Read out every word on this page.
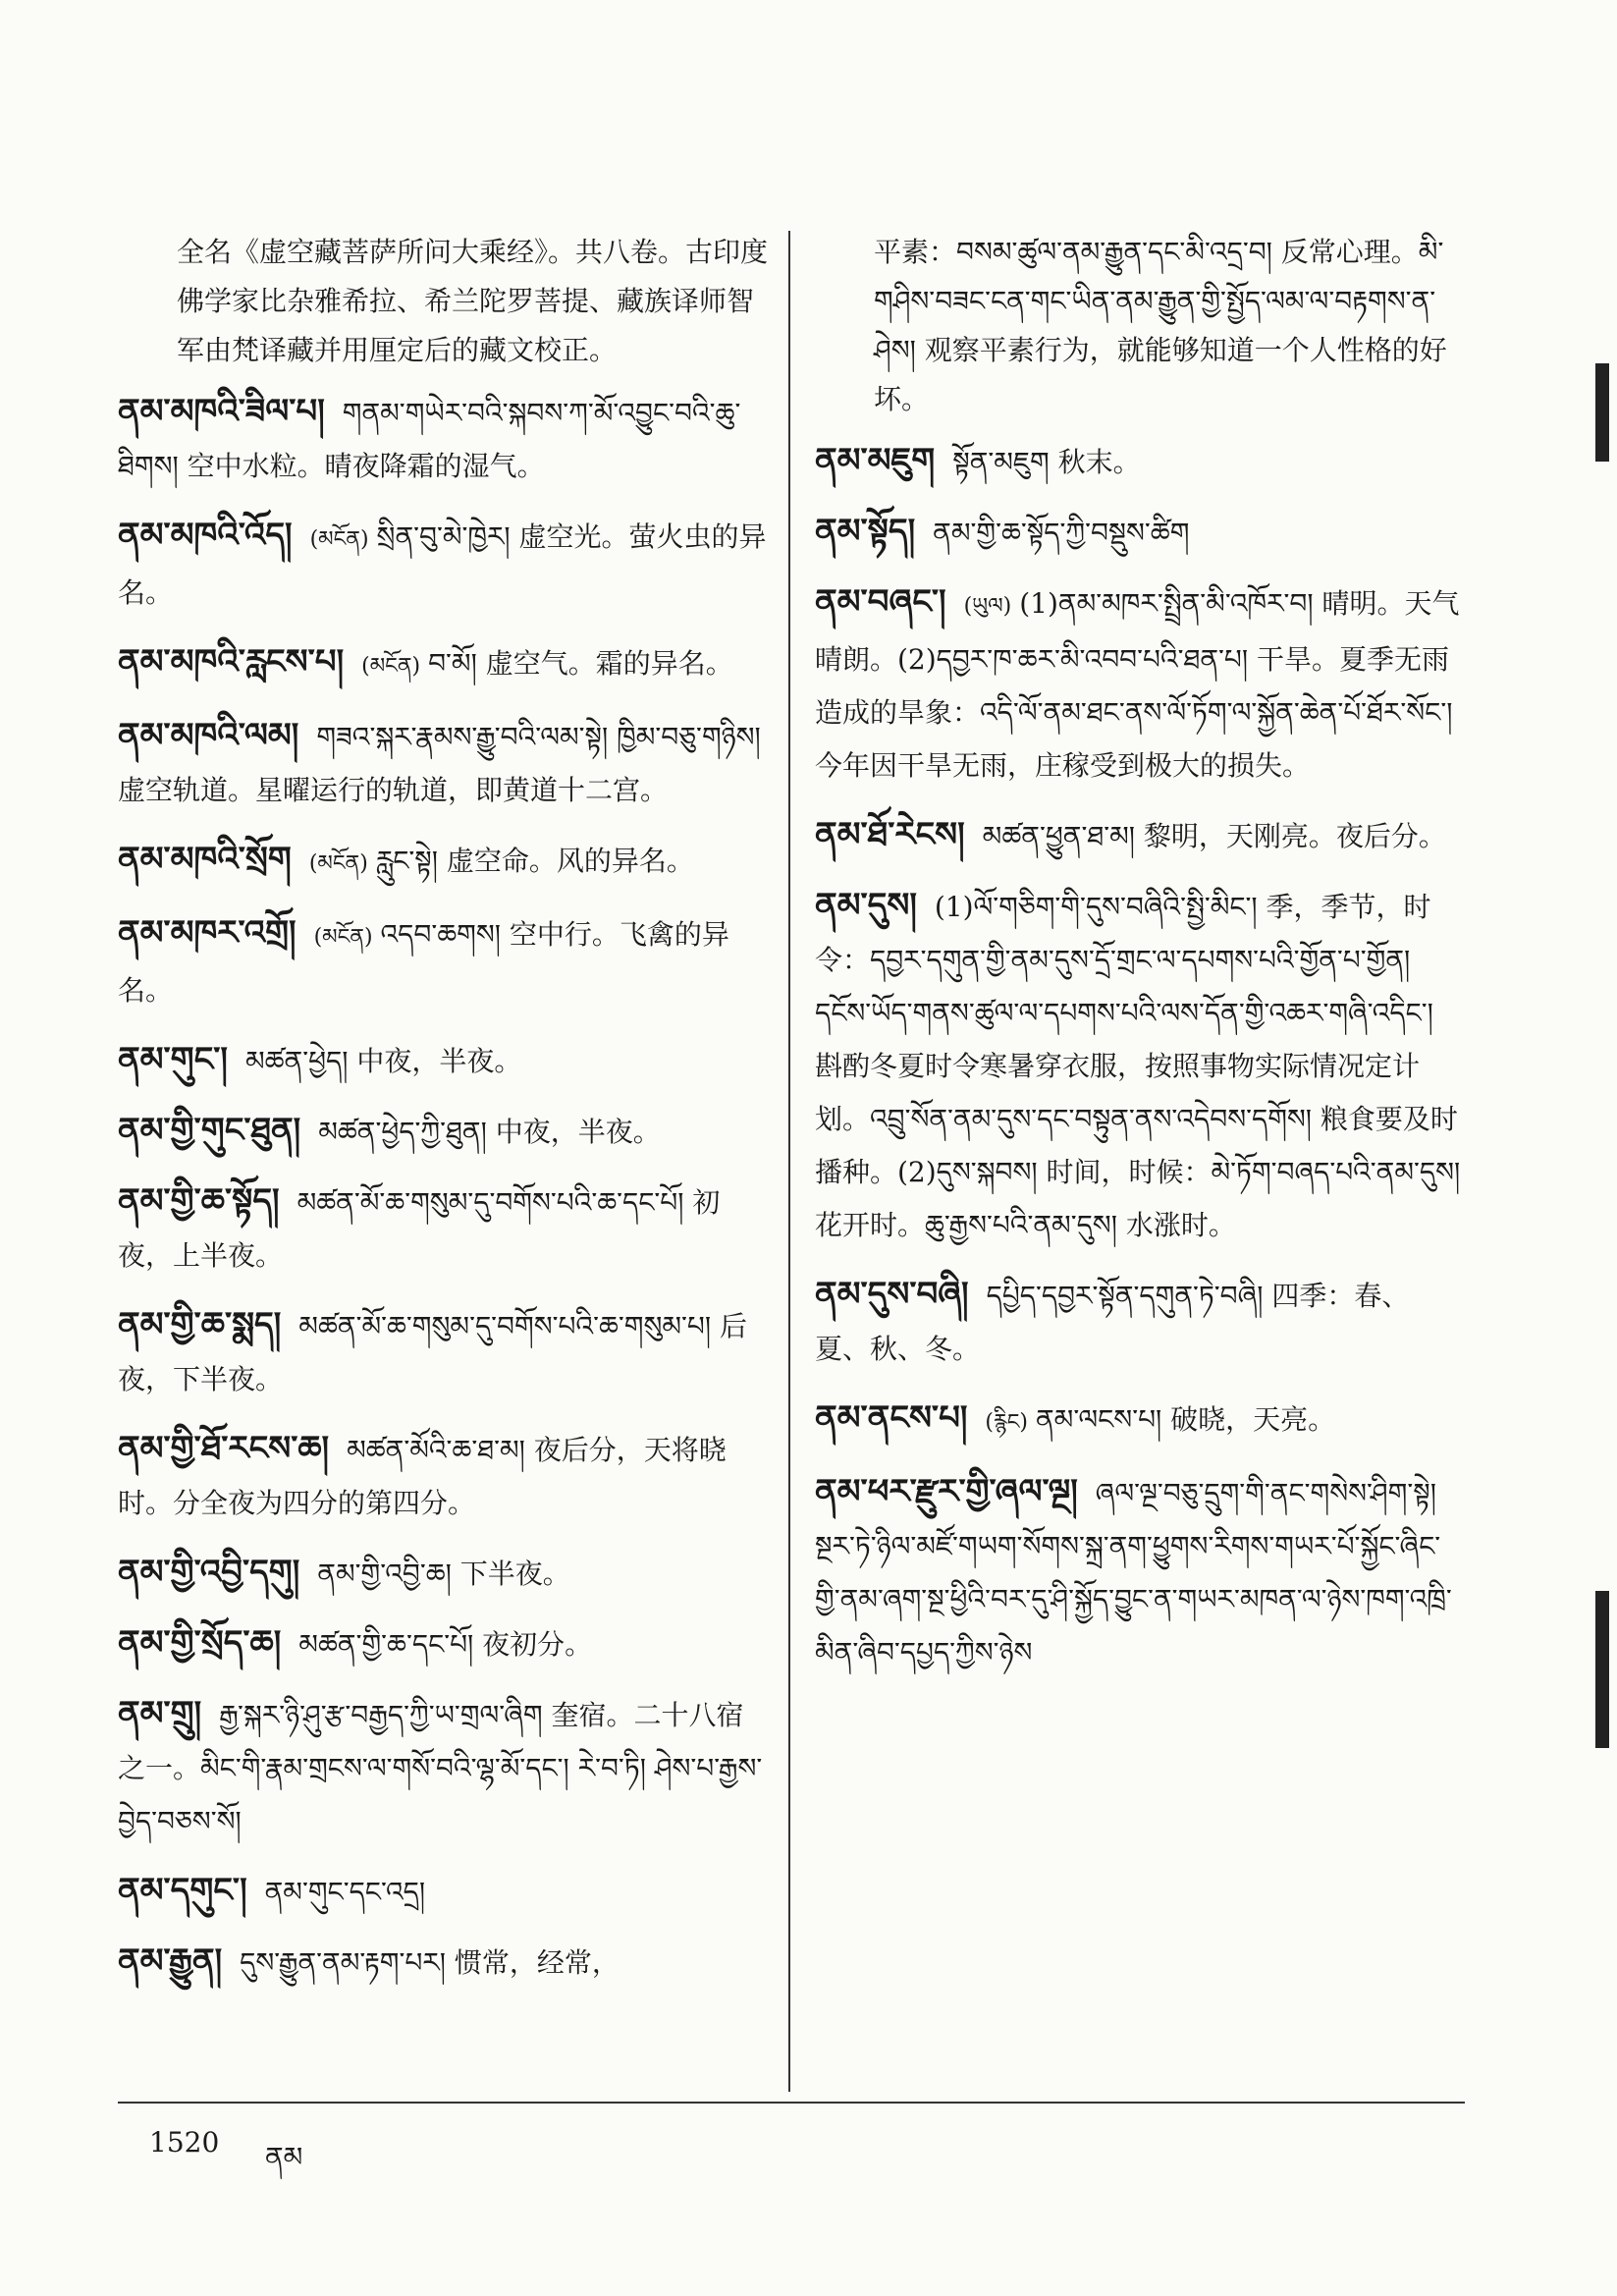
全名《虚空藏菩萨所问大乘经》。共八卷。古印度佛学家比杂雅希拉、希兰陀罗菩提、藏族译师智军由梵译藏并用厘定后的藏文校正。
ནམ་མཁའི་ཟིལ་པ། གནམ་གཡེར་བའི་སྐབས་ཀ་མོ་འབྱུང་བའི་ཆུ་ཐིགས། 空中水粒。晴夜降霜的湿气。
ནམ་མཁའི་འོད། (མངོན) སྲིན་བུ་མེ་ཁྱེར། 虚空光。萤火虫的异名。
ནམ་མཁའི་རླངས་པ། (མངོན) བ་མོ། 虚空气。霜的异名。
ནམ་མཁའི་ལམ། གཟའ་སྐར་རྣམས་རྒྱུ་བའི་ལམ་སྟེ། ཁྱིམ་བཅུ་གཉིས། 虚空轨道。星曜运行的轨道，即黄道十二宫。
ནམ་མཁའི་སྲོག (མངོན) རླུང་སྟེ། 虚空命。风的异名。
ནམ་མཁར་འགྲོ། (མངོན) འདབ་ཆགས། 空中行。飞禽的异名。
ནམ་གུང་། མཚན་ཕྱེད། 中夜，半夜。
ནམ་གྱི་གུང་ཐུན། མཚན་ཕྱེད་ཀྱི་ཐུན། 中夜，半夜。
ནམ་གྱི་ཆ་སྟོད། མཚན་མོ་ཆ་གསུམ་དུ་བགོས་པའི་ཆ་དང་པོ། 初夜，上半夜。
ནམ་གྱི་ཆ་སྨད། མཚན་མོ་ཆ་གསུམ་དུ་བགོས་པའི་ཆ་གསུམ་པ། 后夜，下半夜。
ནམ་གྱི་ཐོ་རངས་ཆ། མཚན་མོའི་ཆ་ཐ་མ། 夜后分，天将晓时。分全夜为四分的第四分。
ནམ་གྱི་འབྱི་དགུ། ནམ་གྱི་འབྱི་ཆ། 下半夜。
ནམ་གྱི་སྲོད་ཆ། མཚན་གྱི་ཆ་དང་པོ། 夜初分。
ནམ་གྲུ། རྒྱ་སྐར་ཉི་ཤུ་རྩ་བརྒྱད་ཀྱི་ཡ་གྲལ་ཞིག 奎宿。二十八宿之一。མིང་གི་རྣམ་གྲངས་ལ་གསོ་བའི་ལྷ་མོ་དང་། རེ་བ་ཏི། ཤེས་པ་རྒྱས་བྱེད་བཅས་སོ།
ནམ་དགུང་། ནམ་གུང་དང་འདྲ།
ནམ་རྒྱུན། དུས་རྒྱུན་ནམ་རྟག་པར། 惯常，经常，
平素：བསམ་ཚུལ་ནམ་རྒྱུན་དང་མི་འདྲ་བ། 反常心理。མི་གཤིས་བཟང་ངན་གང་ཡིན་ནམ་རྒྱུན་གྱི་སྤྱོད་ལམ་ལ་བརྟགས་ན་ཤེས། 观察平素行为，就能够知道一个人性格的好坏。
ནམ་མཇུག སྟོན་མཇུག 秋末。
ནམ་སྟོད། ནམ་གྱི་ཆ་སྟོད་ཀྱི་བསྡུས་ཚིག
ནམ་བཞང་། (ཡུལ) (1)ནམ་མཁར་སྤྲིན་མི་འཁོར་བ། 晴明。天气晴朗。(2)དབྱར་ཁ་ཆར་མི་འབབ་པའི་ཐན་པ། 干旱。夏季无雨造成的旱象：འདི་ལོ་ནམ་ཐང་ནས་ལོ་ཏོག་ལ་སྐྱོན་ཆེན་པོ་ཐོར་སོང་། 今年因干旱无雨，庄稼受到极大的损失。
ནམ་ཐོ་རེངས། མཚན་ཕྱུན་ཐ་མ། 黎明，天刚亮。夜后分。
ནམ་དུས། (1)ལོ་གཅིག་གི་དུས་བཞིའི་སྤྱི་མིང་། 季，季节，时令：དབྱར་དགུན་གྱི་ནམ་དུས་དྲོ་གྲང་ལ་དཔགས་པའི་གྱོན་པ་གྱོན། དངོས་ཡོད་གནས་ཚུལ་ལ་དཔགས་པའི་ལས་དོན་གྱི་འཆར་གཞི་འདིང་། 斟酌冬夏时令寒暑穿衣服，按照事物实际情况定计划。འབྲུ་སོན་ནམ་དུས་དང་བསྟུན་ནས་འདེབས་དགོས། 粮食要及时播种。(2)དུས་སྐབས། 时间，时候：མེ་ཏོག་བཞད་པའི་ནམ་དུས། 花开时。ཆུ་རྒྱས་པའི་ནམ་དུས། 水涨时。
ནམ་དུས་བཞི། དཔྱིད་དབྱར་སྟོན་དགུན་ཏེ་བཞི། 四季：春、夏、秋、冬。
ནམ་ནངས་པ། (རྙིང) ནམ་ལངས་པ། 破晓，天亮。
ནམ་ཕར་རྫུར་གྱི་ཞལ་ལྔ། ཞལ་ལྔ་བཅུ་དྲུག་གི་ནང་གསེས་ཤིག་སྟེ། སྔར་ཏེ་ཉིལ་མཛོ་གཡག་སོགས་སྐྲ་ནག་ཕྱུགས་རིགས་གཡར་པོ་སྐྱོང་ཞིང་གྱི་ནམ་ཞག་སྔ་ཕྱིའི་བར་དུ་ཤི་སྐྱོད་བྱུང་ན་གཡར་མཁན་ལ་ཉེས་ཁག་འཁྲི་མིན་ཞིབ་དཔྱད་ཀྱིས་ཉེས
1520 ནམ
